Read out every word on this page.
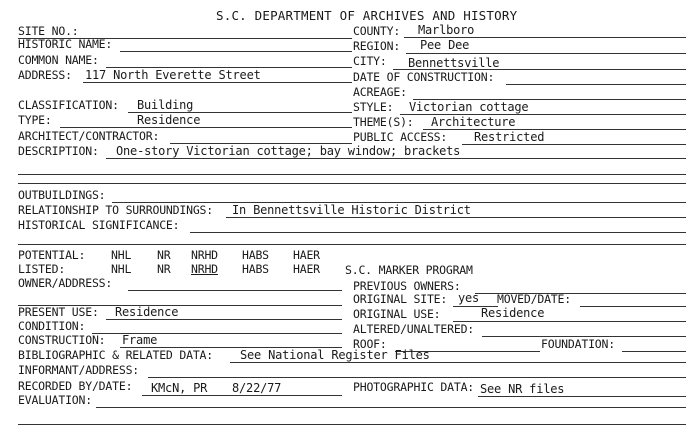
S.C. DEPARTMENT OF ARCHIVES AND HISTORY
SITE NO.:
HISTORIC NAME:
COMMON NAME:
ADDRESS: 117 North Everette Street
COUNTY: Marlboro
REGION: Pee Dee
CITY: Bennettsville
DATE OF CONSTRUCTION:
ACREAGE:
CLASSIFICATION: Building
TYPE:	Residence
ARCHITECT/CONTRACTOR:
STYLE: Victorian cottage
THEME(S): Architecture
PUBLIC ACCESS: Restricted
DESCRIPTION: One-story Victorian cottage; bay window; brackets
OUTBUILDINGS:
RELATIONSHIP TO SURROUNDINGS: In Bennettsville Historic District
HISTORICAL SIGNIFICANCE:
POTENTIAL: NHL NR NRHD HABS HAER
LISTED:	NHL NR NRHD HABS HAER
OWNER/ADDRESS:
S.C. MARKER PROGRAM
PREVIOUS OWNERS:
ORIGINAL SITE: yes MOVED/DATE:
PRESENT USE: Residence	ORIGINAL USE:	Residence
CONDITION:	ALTERED/UNALTERED:
CONSTRUCTION: Frame	ROOF:	FOUNDATION:
BIBLIOGRAPHIC & RELATED DATA: See National Register Files
INFORMANT/ADDRESS:
RECORDED BY/DATE: KMcN, PR 8/22/77	PHOTOGRAPHIC DATA: See NR files
EVALUATION:
